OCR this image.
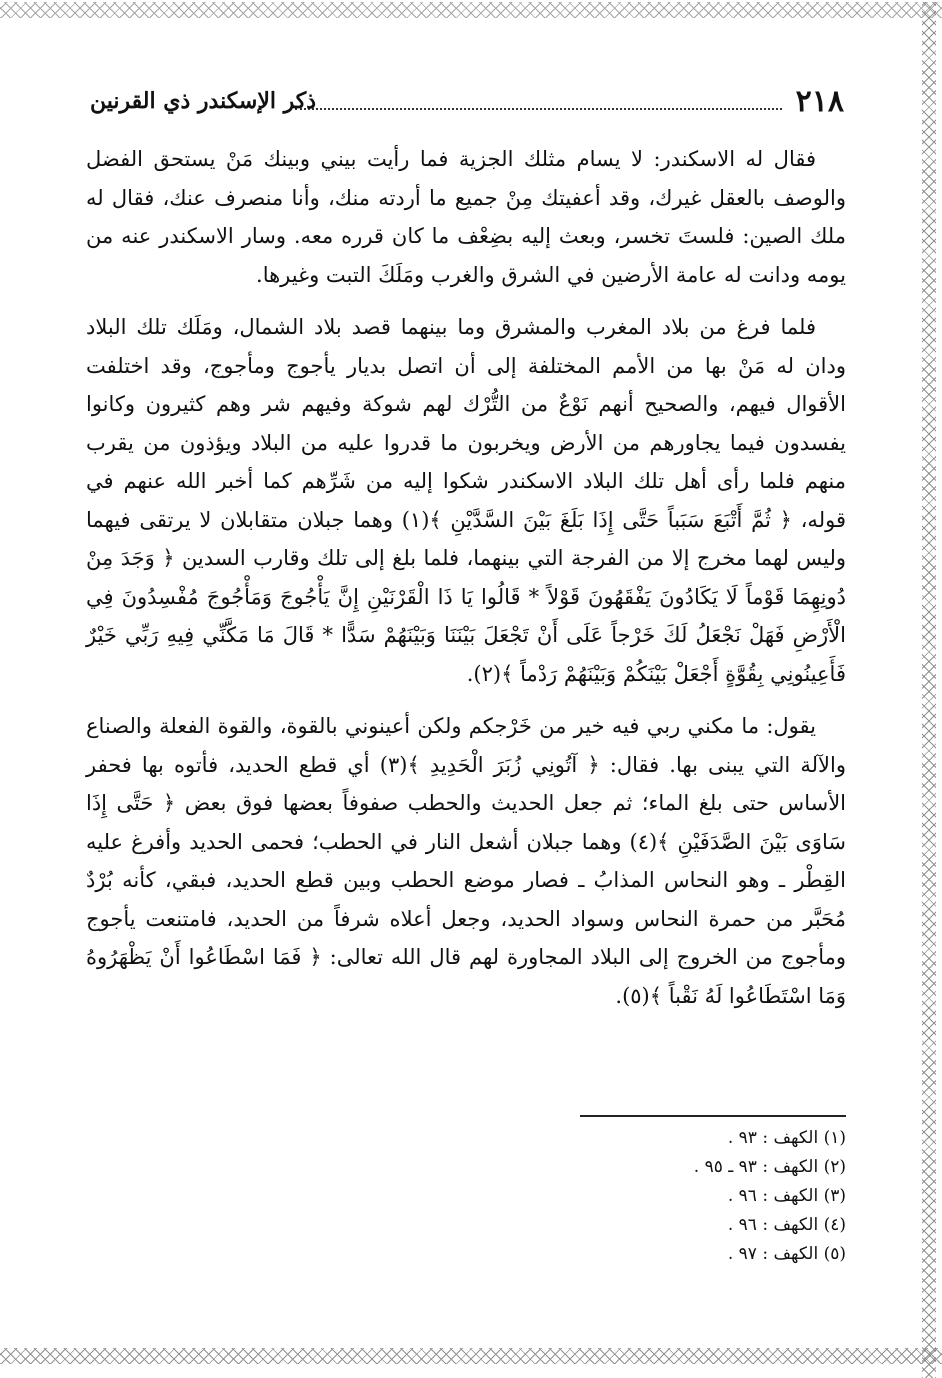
٢١٨
ذكر الإسكندر ذي القرنين

فقال له الاسكندر: لا يسام مثلك الجزية فما رأيت بيني وبينك مَنْ يستحق الفضل والوصف بالعقل غيرك، وقد أعفيتك مِنْ جميع ما أردته منك، وأنا منصرف عنك، فقال له ملك الصين: فلستَ تخسر، وبعث إليه بضِعْف ما كان قرره معه. وسار الاسكندر عنه من يومه ودانت له عامة الأرضين في الشرق والغرب ومَلَكَ التبت وغيرها.

فلما فرغ من بلاد المغرب والمشرق وما بينهما قصد بلاد الشمال، ومَلَك تلك البلاد ودان له مَنْ بها من الأمم المختلفة إلى أن اتصل بديار يأجوج ومأجوج، وقد اختلفت الأقوال فيهم، والصحيح أنهم نَوْعٌ من التُّرْك لهم شوكة وفيهم شر وهم كثيرون وكانوا يفسدون فيما يجاورهم من الأرض ويخربون ما قدروا عليه من البلاد ويؤذون من يقرب منهم فلما رأى أهل تلك البلاد الاسكندر شكوا إليه من شَرِّهم كما أخبر الله عنهم في قوله، ﴿ ثُمَّ أَتْبَعَ سَبَباً حَتَّى إِذَا بَلَغَ بَيْنَ السَّدَّيْنِ ﴾(١) وهما جبلان متقابلان لا يرتقى فيهما وليس لهما مخرج إلا من الفرجة التي بينهما، فلما بلغ إلى تلك وقارب السدين ﴿ وَجَدَ مِنْ دُونِهِمَا قَوْماً لَا يَكَادُونَ يَفْقَهُونَ قَوْلاً * قَالُوا يَا ذَا الْقَرْنَيْنِ إِنَّ يَأْجُوجَ وَمَأْجُوجَ مُفْسِدُونَ فِي الْأَرْضِ فَهَلْ نَجْعَلُ لَكَ خَرْجاً عَلَى أَنْ تَجْعَلَ بَيْنَنَا وَبَيْنَهُمْ سَدًّا * قَالَ مَا مَكَّنِّي فِيهِ رَبِّي خَيْرٌ فَأَعِينُونِي بِقُوَّةٍ أَجْعَلْ بَيْنَكُمْ وَبَيْنَهُمْ رَدْماً ﴾(٢).

يقول: ما مكني ربي فيه خير من خَرْجكم ولكن أعينوني بالقوة، والقوة الفعلة والصناع والآلة التي يبنى بها. فقال: ﴿ آتُونِي زُبَرَ الْحَدِيدِ ﴾(٣) أي قطع الحديد، فأتوه بها فحفر الأساس حتى بلغ الماء؛ ثم جعل الحديث والحطب صفوفاً بعضها فوق بعض ﴿ حَتَّى إِذَا سَاوَى بَيْنَ الصَّدَفَيْنِ ﴾(٤) وهما جبلان أشعل النار في الحطب؛ فحمى الحديد وأفرغ عليه القِطْر ـ وهو النحاس المذابُ ـ فصار موضع الحطب وبين قطع الحديد، فبقي، كأنه بُرْدٌ مُحَبَّر من حمرة النحاس وسواد الحديد، وجعل أعلاه شرفاً من الحديد، فامتنعت يأجوج ومأجوج من الخروج إلى البلاد المجاورة لهم قال الله تعالى: ﴿ فَمَا اسْطَاعُوا أَنْ يَظْهَرُوهُ وَمَا اسْتَطَاعُوا لَهُ نَقْباً ﴾(٥).

(١) الكهف : ٩٣ .
(٢) الكهف : ٩٣ ـ ٩٥ .
(٣) الكهف : ٩٦ .
(٤) الكهف : ٩٦ .
(٥) الكهف : ٩٧ .
